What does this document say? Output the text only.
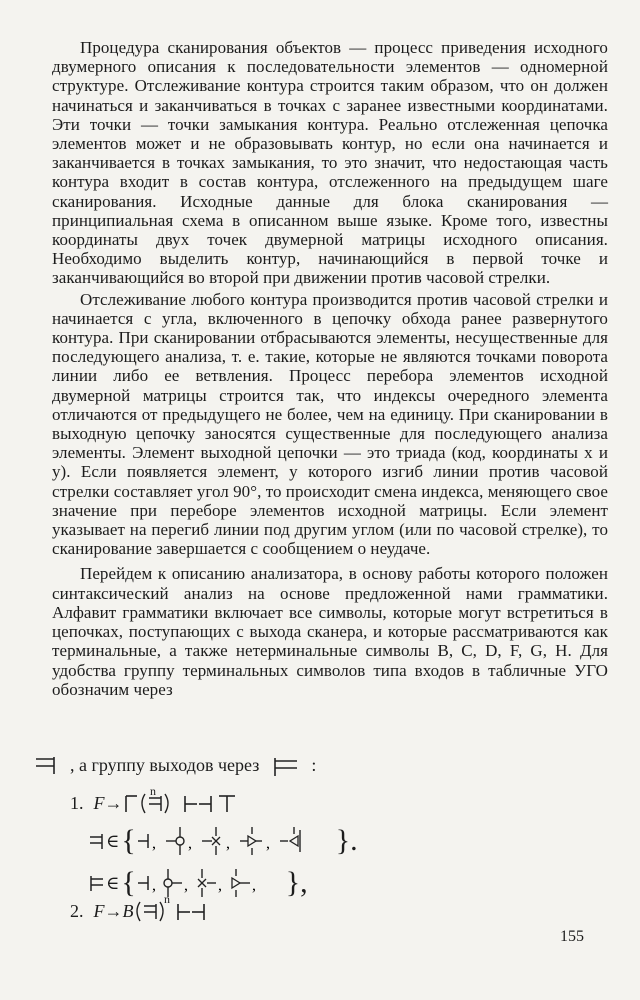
Процедура сканирования объектов — процесс приведения исходного двумерного описания к последовательности элементов — одномерной структуре. Отслеживание контура строится таким образом, что он должен начинаться и заканчиваться в точках с заранее известными координатами. Эти точки — точки замыкания контура. Реально отслеженная цепочка элементов может и не образовывать контур, но если она начинается и заканчивается в точках замыкания, то это значит, что недостающая часть контура входит в состав контура, отслеженного на предыдущем шаге сканирования. Исходные данные для блока сканирования — принципиальная схема в описанном выше языке. Кроме того, известны координаты двух точек двумерной матрицы исходного описания. Необходимо выделить контур, начинающийся в первой точке и заканчивающийся во второй при движении против часовой стрелки.

Отслеживание любого контура производится против часовой стрелки и начинается с угла, включенного в цепочку обхода ранее развернутого контура. При сканировании отбрасываются элементы, несущественные для последующего анализа, т. е. такие, которые не являются точками поворота линии либо ее ветвления. Процесс перебора элементов исходной двумерной матрицы строится так, что индексы очередного элемента отличаются от предыдущего не более, чем на единицу. При сканировании в выходную цепочку заносятся существенные для последующего анализа элементы. Элемент выходной цепочки — это триада (код, координаты x и y). Если появляется элемент, у которого изгиб линии против часовой стрелки составляет угол 90°, то происходит смена индекса, меняющего свое значение при переборе элементов исходной матрицы. Если элемент указывает на перегиб линии под другим углом (или по часовой стрелке), то сканирование завершается с сообщением о неудаче.

Перейдем к описанию анализатора, в основу работы которого положен синтаксический анализ на основе предложенной нами грамматики. Алфавит грамматики включает все символы, которые могут встретиться в цепочках, поступающих с выхода сканера, и которые рассматриваются как терминальные, а также нетерминальные символы B, C, D, F, G, H. Для удобства группу терминальных символов типа входов в табличные УГО обозначим через

, а группу выходов через	:
1. F →
n
∈ { , , , , }.
∈ { , , , , },
2. F → B
n
155
